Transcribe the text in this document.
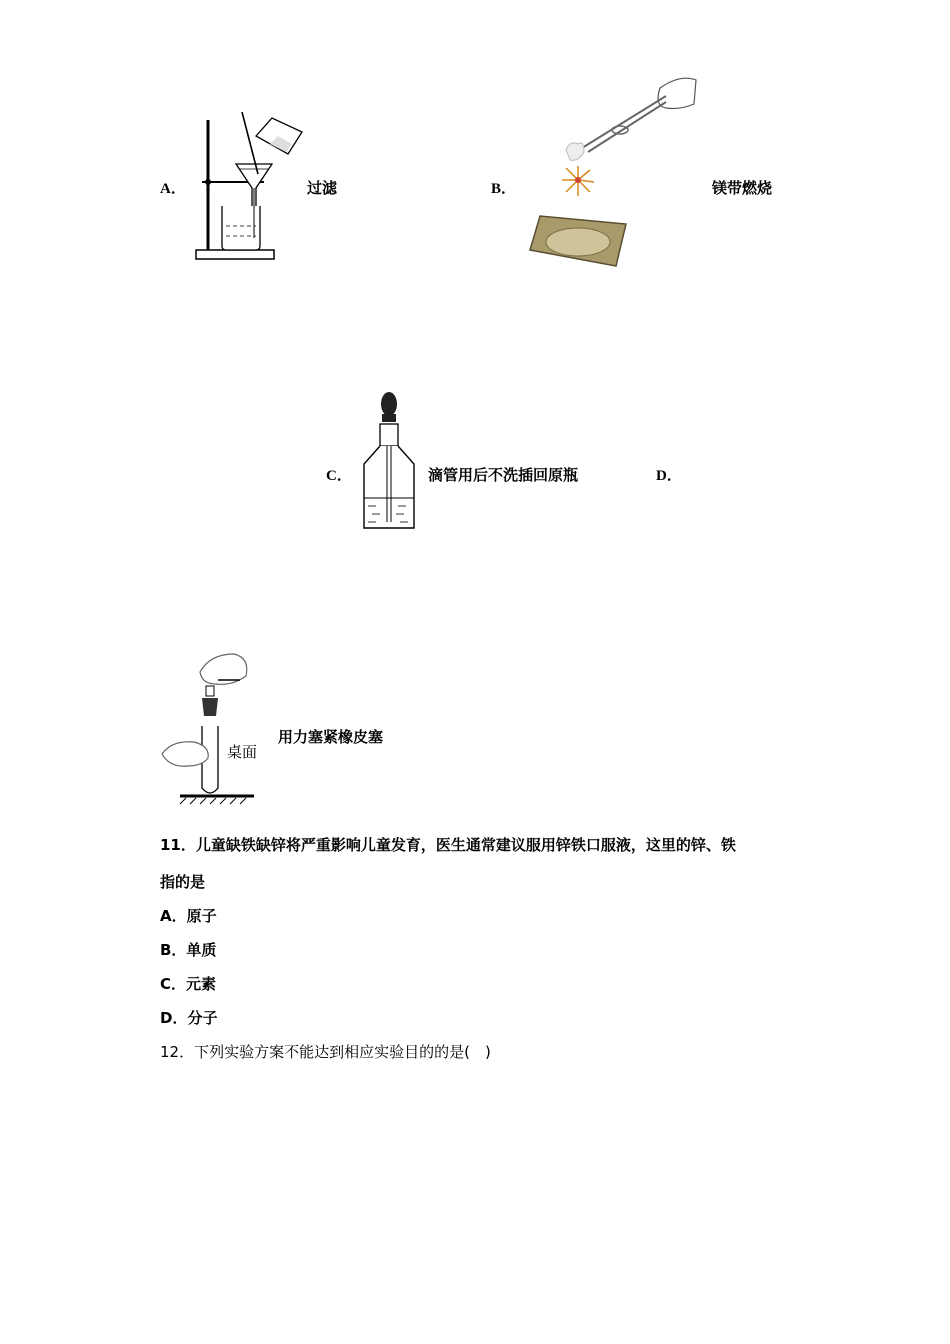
A．	过滤	B．	镁带燃烧
C．	滴管用后不洗插回原瓶	D．
桌面
用力塞紧橡皮塞
11．儿童缺铁缺锌将严重影响儿童发育，医生通常建议服用锌铁口服液，这里的锌、铁
指的是
A．原子
B．单质
C．元素
D．分子
12．下列实验方案不能达到相应实验目的的是(　)
